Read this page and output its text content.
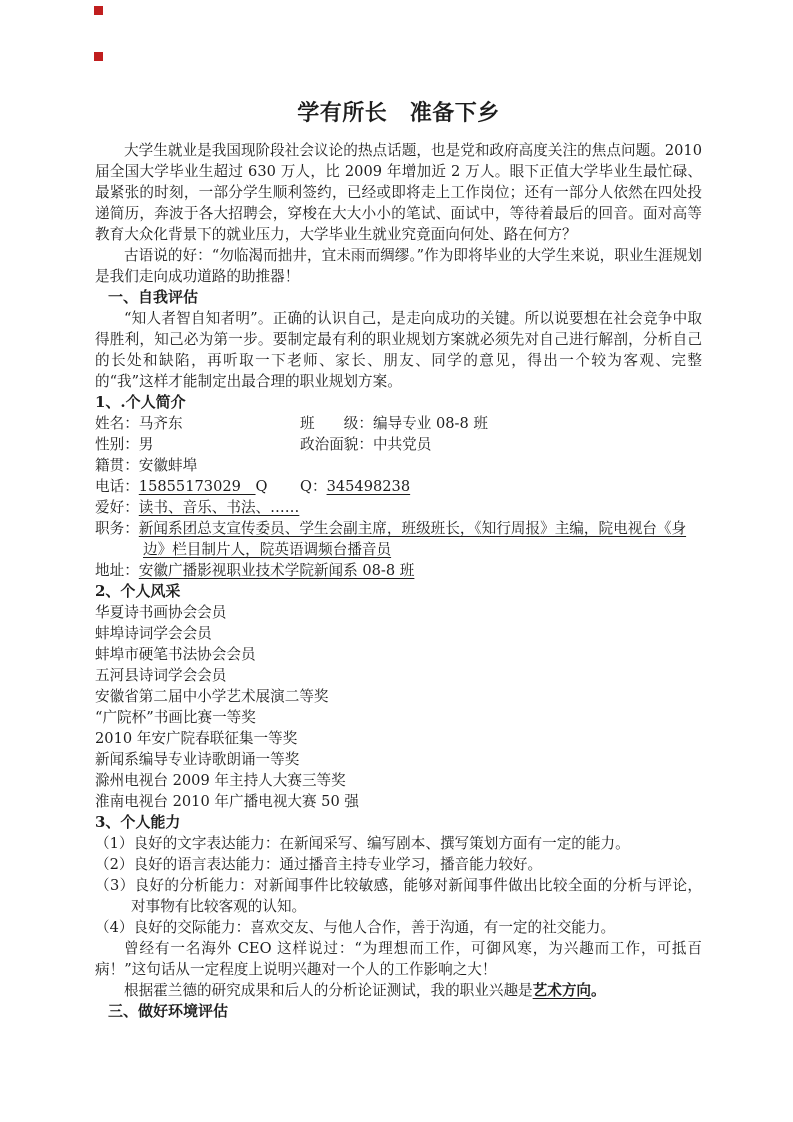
学有所长　准备下乡

大学生就业是我国现阶段社会议论的热点话题，也是党和政府高度关注的焦点问题。2010 届全国大学毕业生超过 630 万人，比 2009 年增加近 2 万人。眼下正值大学毕业生最忙碌、最紧张的时刻，一部分学生顺利签约，已经或即将走上工作岗位；还有一部分人依然在四处投递简历，奔波于各大招聘会，穿梭在大大小小的笔试、面试中，等待着最后的回音。面对高等教育大众化背景下的就业压力，大学毕业生就业究竟面向何处、路在何方？

古语说的好：“勿临渴而拙井，宜未雨而绸缪。”作为即将毕业的大学生来说，职业生涯规划是我们走向成功道路的助推器！

一、自我评估

“知人者智自知者明”。正确的认识自己，是走向成功的关键。所以说要想在社会竞争中取得胜利，知己必为第一步。要制定最有利的职业规划方案就必须先对自己进行解剖，分析自己的长处和缺陷，再听取一下老师、家长、朋友、同学的意见，得出一个较为客观、完整的“我”这样才能制定出最合理的职业规划方案。

1、.个人简介
姓名：马齐东	班　　级：编导专业 08-8 班
性别：男	政治面貌：中共党员
籍贯：安徽蚌埠
电话：15855173029　Q Q：345498238
爱好：读书、音乐、书法、……
职务：新闻系团总支宣传委员、学生会副主席，班级班长，《知行周报》主编，院电视台《身边》栏目制片人，院英语调频台播音员
地址：安徽广播影视职业技术学院新闻系 08-8 班
2、个人风采
华夏诗书画协会会员
蚌埠诗词学会会员
蚌埠市硬笔书法协会会员
五河县诗词学会会员
安徽省第二届中小学艺术展演二等奖
“广院杯”书画比赛一等奖
2010 年安广院春联征集一等奖
新闻系编导专业诗歌朗诵一等奖
滁州电视台 2009 年主持人大赛三等奖
淮南电视台 2010 年广播电视大赛 50 强
3、个人能力
（1）良好的文字表达能力：在新闻采写、编写剧本、撰写策划方面有一定的能力。
（2）良好的语言表达能力：通过播音主持专业学习，播音能力较好。
（3）良好的分析能力：对新闻事件比较敏感，能够对新闻事件做出比较全面的分析与评论，对事物有比较客观的认知。
（4）良好的交际能力：喜欢交友、与他人合作，善于沟通，有一定的社交能力。

曾经有一名海外 CEO 这样说过：“为理想而工作，可御风寒，为兴趣而工作，可抵百病！”这句话从一定程度上说明兴趣对一个人的工作影响之大！

根据霍兰德的研究成果和后人的分析论证测试，我的职业兴趣是艺术方向。

三、做好环境评估
